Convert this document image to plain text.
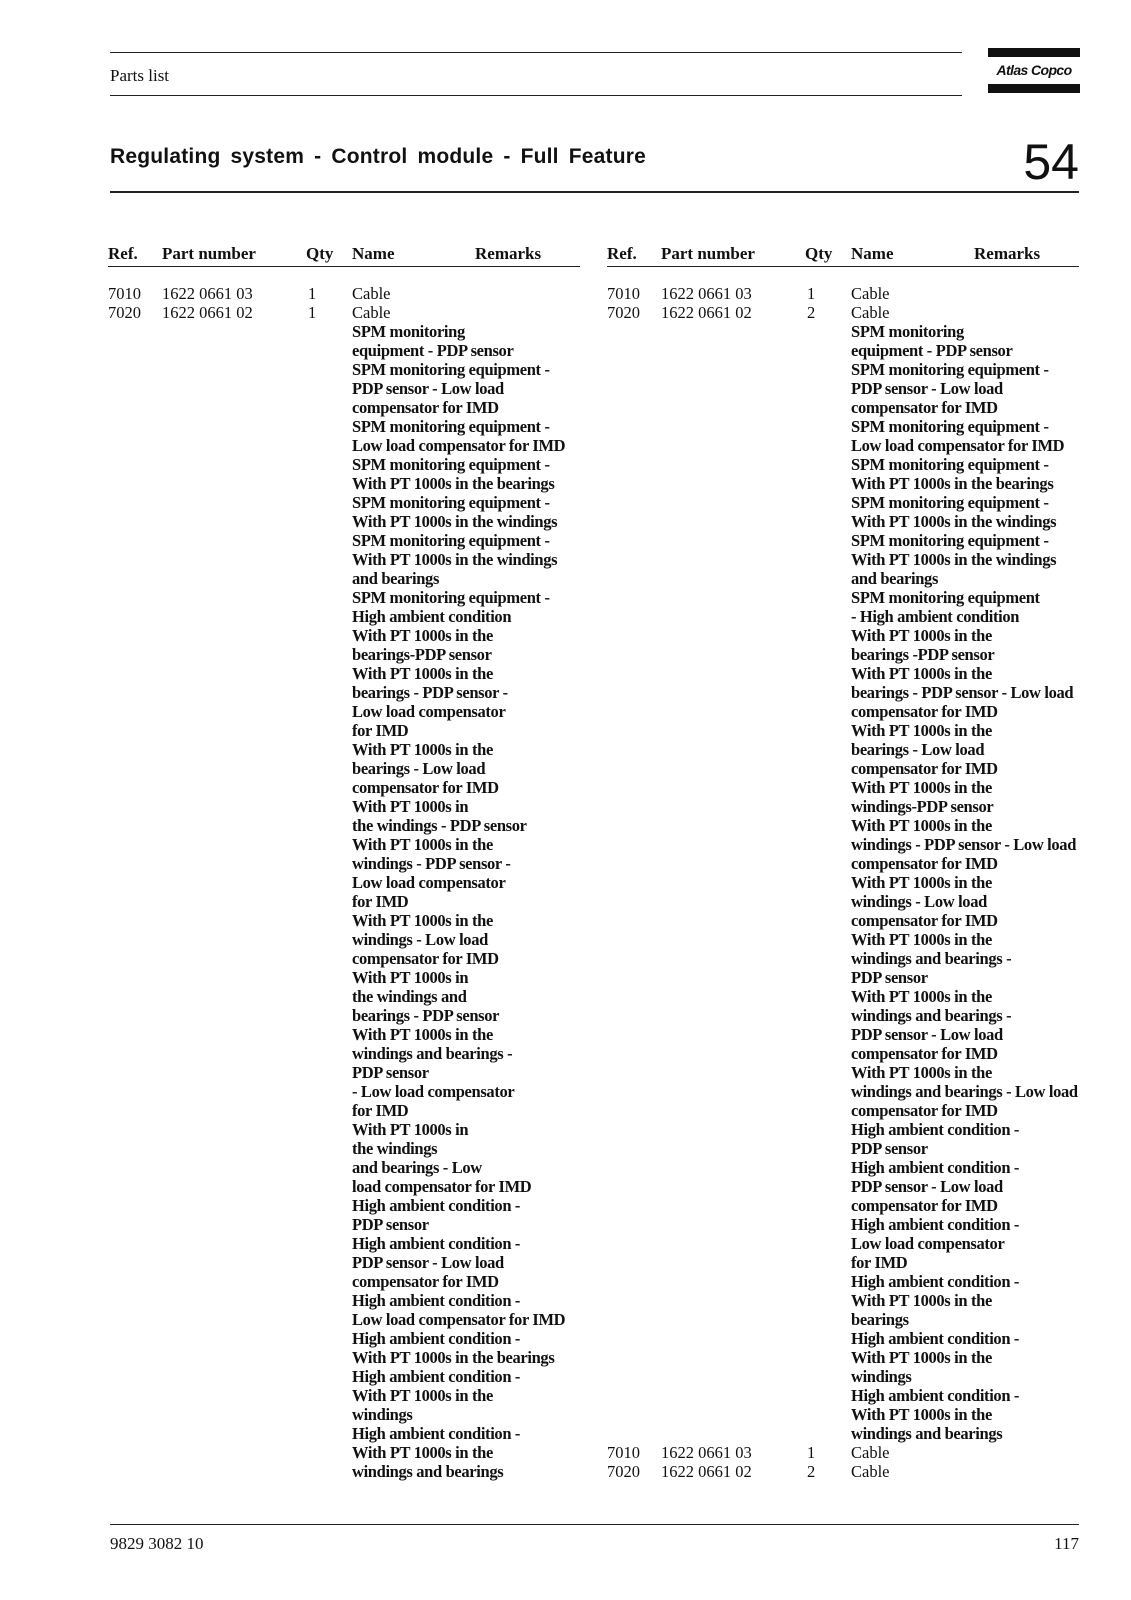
Parts list	Atlas Copco
Regulating system - Control module - Full Feature	54
Ref. Part number	Qty Name	Remarks
7010 1622 0661 03	1 Cable
7020 1622 0661 02	1 Cable
SPM monitoring
equipment - PDP sensor
SPM monitoring equipment -
PDP sensor - Low load
compensator for IMD
SPM monitoring equipment -
Low load compensator for IMD
SPM monitoring equipment -
With PT 1000s in the bearings
SPM monitoring equipment -
With PT 1000s in the windings
SPM monitoring equipment -
With PT 1000s in the windings
and bearings
SPM monitoring equipment -
High ambient condition
With PT 1000s in the
bearings-PDP sensor
With PT 1000s in the
bearings - PDP sensor -
Low load compensator
for IMD
With PT 1000s in the
bearings - Low load
compensator for IMD
With PT 1000s in
the windings - PDP sensor
With PT 1000s in the
windings - PDP sensor -
Low load compensator
for IMD
With PT 1000s in the
windings - Low load
compensator for IMD
With PT 1000s in
the windings and
bearings - PDP sensor
With PT 1000s in the
windings and bearings -
PDP sensor
- Low load compensator
for IMD
With PT 1000s in
the windings
and bearings - Low
load compensator for IMD
High ambient condition -
PDP sensor
High ambient condition -
PDP sensor - Low load
compensator for IMD
High ambient condition -
Low load compensator for IMD
High ambient condition -
With PT 1000s in the bearings
High ambient condition -
With PT 1000s in the
windings
High ambient condition -
With PT 1000s in the
windings and bearings
Ref. Part number	Qty Name	Remarks
7010 1622 0661 03	1 Cable
7020 1622 0661 02	2 Cable
SPM monitoring
equipment - PDP sensor
SPM monitoring equipment -
PDP sensor - Low load
compensator for IMD
SPM monitoring equipment -
Low load compensator for IMD
SPM monitoring equipment -
With PT 1000s in the bearings
SPM monitoring equipment -
With PT 1000s in the windings
SPM monitoring equipment -
With PT 1000s in the windings
and bearings
SPM monitoring equipment
- High ambient condition
With PT 1000s in the
bearings -PDP sensor
With PT 1000s in the
bearings - PDP sensor - Low load
compensator for IMD
With PT 1000s in the
bearings - Low load
compensator for IMD
With PT 1000s in the
windings-PDP sensor
With PT 1000s in the
windings - PDP sensor - Low load
compensator for IMD
With PT 1000s in the
windings - Low load
compensator for IMD
With PT 1000s in the
windings and bearings -
PDP sensor
With PT 1000s in the
windings and bearings -
PDP sensor - Low load
compensator for IMD
With PT 1000s in the
windings and bearings - Low load
compensator for IMD
High ambient condition -
PDP sensor
High ambient condition -
PDP sensor - Low load
compensator for IMD
High ambient condition -
Low load compensator
for IMD
High ambient condition -
With PT 1000s in the
bearings
High ambient condition -
With PT 1000s in the
windings
High ambient condition -
With PT 1000s in the
windings and bearings
7010 1622 0661 03	1 Cable
7020 1622 0661 02	2 Cable
9829 3082 10	117
